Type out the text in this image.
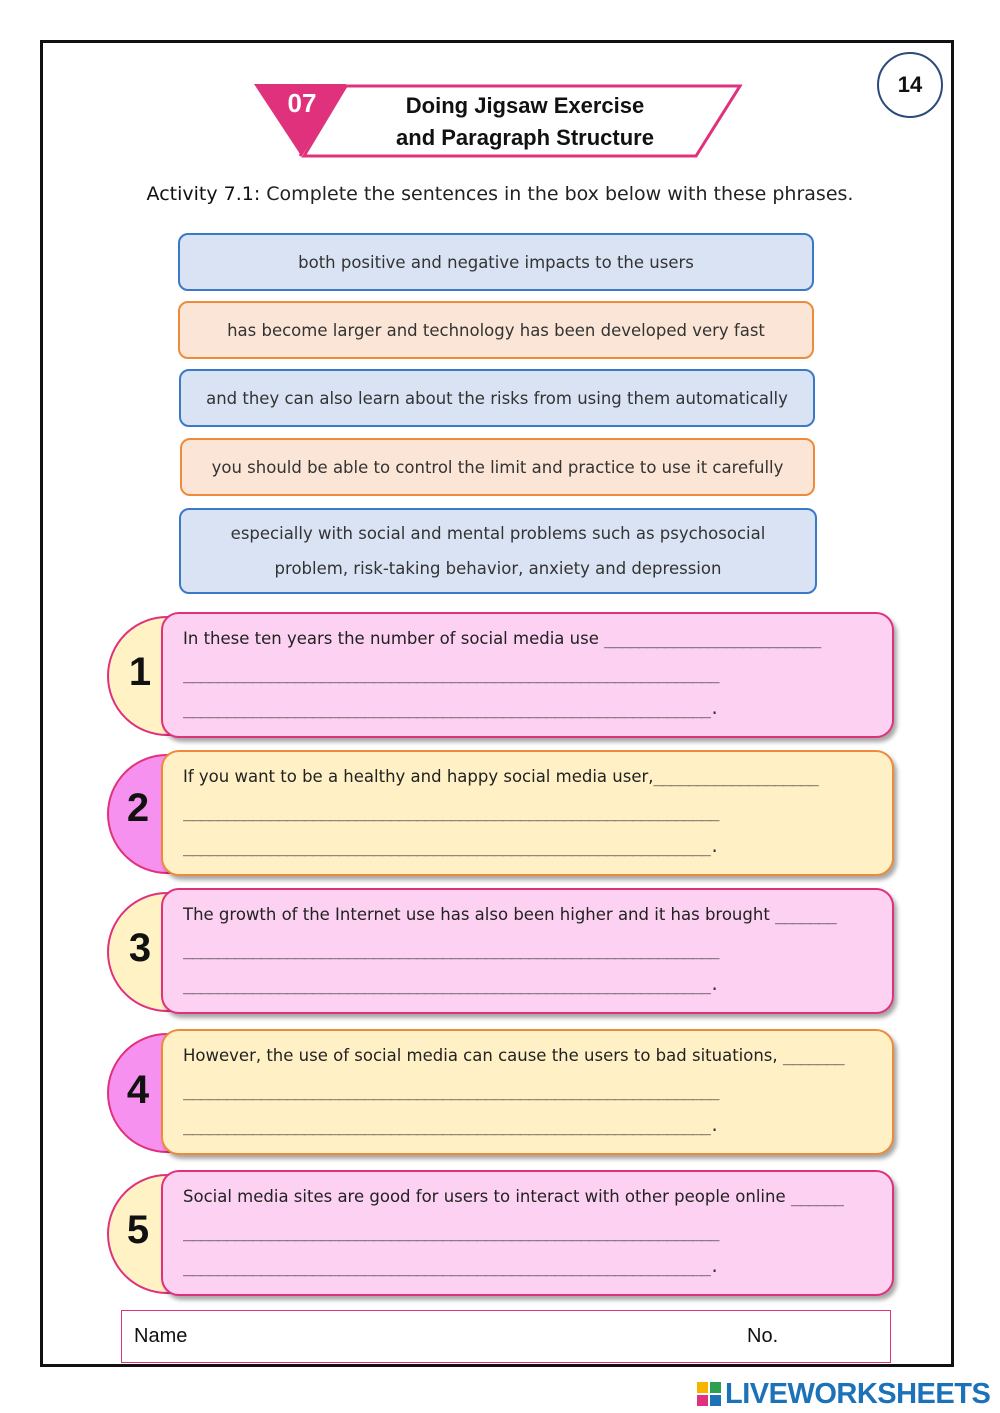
14
07	Doing Jigsaw Exercise
and Paragraph Structure
Activity 7.1: Complete the sentences in the box below with these phrases.
both positive and negative impacts to the users
has become larger and technology has been developed very fast
and they can also learn about the risks from using them automatically
you should be able to control the limit and practice to use it carefully
especially with social and mental problems such as psychosocial
problem, risk-taking behavior, anxiety and depression
1
In these ten years the number of social media use _________________________
______________________________________________________________
_____________________________________________________________.
2
If you want to be a healthy and happy social media user,___________________
______________________________________________________________
_____________________________________________________________.
3
The growth of the Internet use has also been higher and it has brought _______
______________________________________________________________
_____________________________________________________________.
4
However, the use of social media can cause the users to bad situations, _______
______________________________________________________________
_____________________________________________________________.
5
Social media sites are good for users to interact with other people online ______
______________________________________________________________
_____________________________________________________________.
Name	No.
LIVEWORKSHEETS
